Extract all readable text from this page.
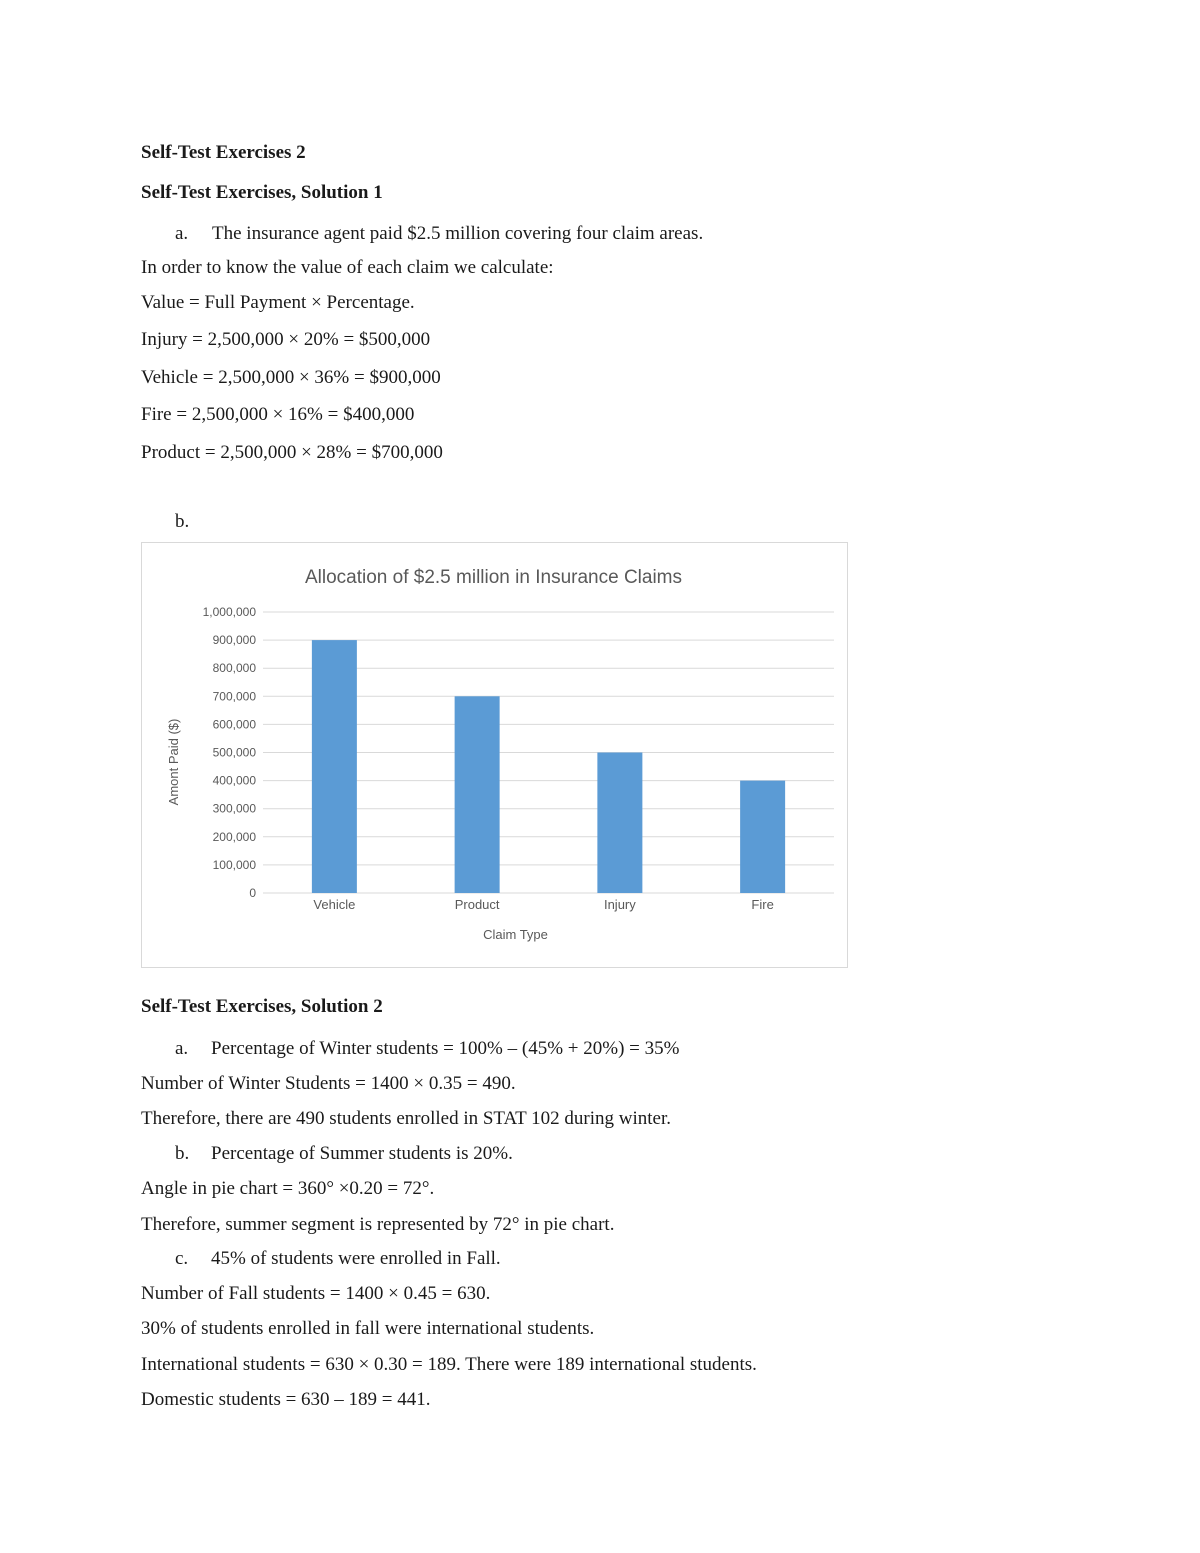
Self-Test Exercises 2

Self-Test Exercises, Solution 1

a. The insurance agent paid $2.5 million covering four claim areas.

In order to know the value of each claim we calculate:

Value = Full Payment × Percentage.

Injury = 2,500,000 × 20% = $500,000

Vehicle = 2,500,000 × 36% = $900,000

Fire = 2,500,000 × 16% = $400,000

Product = 2,500,000 × 28% = $700,000

b.

Allocation of $2.5 million in Insurance Claims
0
100,000
200,000
300,000
400,000
500,000
600,000
700,000
800,000
900,000
1,000,000
Vehicle	Product	Injury	Fire
Claim Type
Amont Paid ($)

Self-Test Exercises, Solution 2

a. Percentage of Winter students = 100% – (45% + 20%) = 35%

Number of Winter Students = 1400 × 0.35 = 490.

Therefore, there are 490 students enrolled in STAT 102 during winter.

b. Percentage of Summer students is 20%.

Angle in pie chart = 360° ×0.20 = 72°.

Therefore, summer segment is represented by 72° in pie chart.

c. 45% of students were enrolled in Fall.

Number of Fall students = 1400 × 0.45 = 630.

30% of students enrolled in fall were international students.

International students = 630 × 0.30 = 189. There were 189 international students.

Domestic students = 630 – 189 = 441.
